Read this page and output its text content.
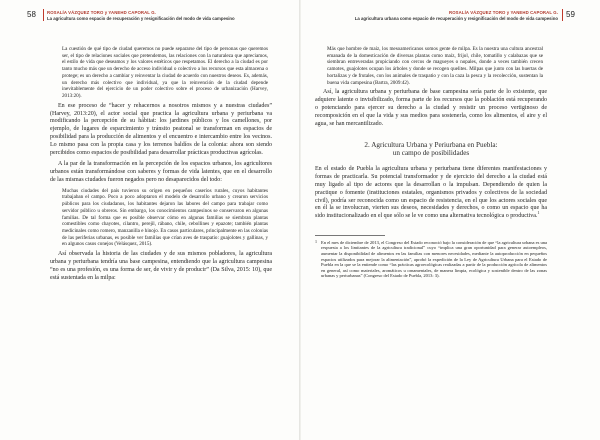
58	ROSALÍA VÁZQUEZ TORO y YANEHD CAPORAL G.
La agricultura como espacio de recuperación y resignificación del modo de vida campesino
La cuestión de qué tipo de ciudad queremos no puede separarse del tipo de personas que queremos ser, el tipo de relaciones sociales que pretendemos, las relaciones con la naturaleza que apreciamos, el estilo de vida que deseamos y los valores estéticos que respetamos. El derecho a la ciudad es por tanto mucho más que un derecho de acceso individual o colectivo a los recursos que esta almacena o protege; es un derecho a cambiar y reinventar la ciudad de acuerdo con nuestros deseos. Es, además, un derecho más colectivo que individual, ya que la reinvención de la ciudad depende inevitablemente del ejercicio de un poder colectivo sobre el proceso de urbanización (Harvey, 2013:20).

En ese proceso de “hacer y rehacernos a nosotros mismos y a nuestras ciudades” (Harvey, 2013:20), el actor social que practica la agricultura urbana y periurbana va modificando la percepción de su hábitat: los jardines públicos y los camellones, por ejemplo, de lugares de esparcimiento y tránsito peatonal se transforman en espacios de posibilidad para la producción de alimentos y el encuentro e intercambio entre los vecinos. Lo mismo pasa con la propia casa y los terrenos baldíos de la colonia: ahora son siendo percibidos como espacios de posibilidad para desarrollar prácticas productivas agrícolas.

A la par de la transformación en la percepción de los espacios urbanos, los agricultores urbanos están transformándose con saberes y formas de vida latentes, que en el desarrollo de las mismas ciudades fueron negados pero no desaparecidos del todo:

Muchas ciudades del país tuvieron su origen en pequeños caseríos rurales, cuyos habitantes trabajaban el campo. Poco a poco adoptaron el modelo de desarrollo urbano y crearon servicios públicos para los ciudadanos, los habitantes dejaron las labores del campo para trabajar como servidor público u obreros. Sin embargo, los conocimientos campesinos se conservaron en algunas familias. De tal forma que es posible observar cómo en algunas familias se siembran plantas comestibles como chayotes, cilantro, perejil, rábano, chile, cebollines y epazote; también plantas medicinales como romero, manzanilla e hinojo. En casos particulares, principalmente en las colonias de las periferias urbanas, es posible ver familias que crían aves de traspatio: guajolotes y gallinas, y en algunos casos conejos (Velásquez, 2015).

Así observada la historia de las ciudades y de sus mismos pobladores, la agricultura urbana y periurbana tendría una base campesina, entendiendo que la agricultura campesina “no es una profesión, es una forma de ser, de vivir y de producir” (Da Silva, 2015: 10), que está sustentada en la milpa:

ROSALÍA VÁZQUEZ TORO y YANEHD CAPORAL G.
La agricultura urbana como espacio de recuperación y resignificación del modo de vida campesino 59
Más que hombre de maíz, los mesoamericanos somos gente de milpa. Es la nuestra una cultura ancestral emanada de la domesticación de diversas plantas como maíz, frijol, chile, tomatillo y calabazas que se siembran entreveradas propiciando con cercos de magueyes o nopales, donde a veces también crecen camotes, guajolotes ocupan los árboles y donde se recogen quelites. Milpas que junto con las huertas de hortalizas y de frutales, con los animales de traspatio y con la caza la pesca y la recolección, sustentan la buena vida campesina (Bartra, 2009:42).

Así, la agricultura urbana y periurbana de base campesina sería parte de lo existente, que adquiere latente o invisibilizado, forma parte de los recursos que la población está recuperando o potenciando para ejercer su derecho a la ciudad y resistir un proceso vertiginoso de recomposición en el que la vida y sus medios para sostenerla, como los alimentos, el aire y el agua, se han mercantilizado.

2. Agricultura Urbana y Periurbana en Puebla:
un campo de posibilidades

En el estado de Puebla la agricultura urbana y periurbana tiene diferentes manifestaciones y formas de practicarla. Su potencial transformador y de ejercicio del derecho a la ciudad está muy ligado al tipo de actores que la desarrollan o la impulsan. Dependiendo de quien la practique o fomente (instituciones estatales, organismos privados y colectivos de la sociedad civil), podría ser reconocida como un espacio de resistencia, en el que los actores sociales que en él la se involucran, vierten sus deseos, necesidades y derechos, o como un espacio que ha sido institucionalizado en el que sólo se le ve como una alternativa tecnológica o productiva.$^1$

1 En el mes de diciembre de 2013, el Congreso del Estado reconoció bajo la consideración de que “la agricultura urbana es una respuesta a los limitantes de la agricultura tradicional” cuyo “implica una gran oportunidad para generar autoempleos, aumentar la disponibilidad de alimentos en las familias con menores necesidades, mediante la autoproducción en pequeños espacios utilizados para mejorar la alimentación”, aprobó la expedición de la Ley de Agricultura Urbana para el Estado de Puebla en la que se la entiende como “las prácticas agroecológicas realizadas a partir de la producción agrícola de alimentos en general, así como materiales, aromáticos u ornamentales, de manera limpia, ecológica y sostenible dentro de las zonas urbanas y periurbanas” (Congreso del Estado de Puebla, 2013: 3).
